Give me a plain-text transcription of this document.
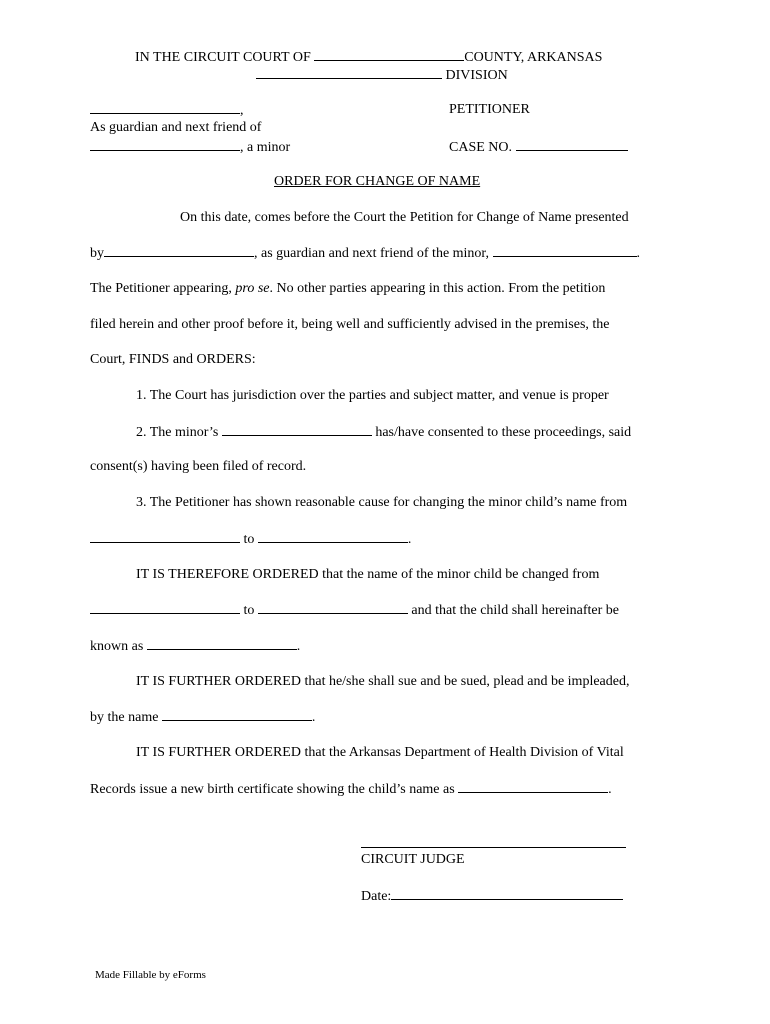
IN THE CIRCUIT COURT OF	COUNTY, ARKANSAS
DIVISION
,	PETITIONER
As guardian and next friend of
, a minor	CASE NO.
ORDER FOR CHANGE OF NAME
On this date, comes before the Court the Petition for Change of Name presented
by	, as guardian and next friend of the minor,	.
The Petitioner appearing, pro se. No other parties appearing in this action. From the petition
filed herein and other proof before it, being well and sufficiently advised in the premises, the
Court, FINDS and ORDERS:
1. The Court has jurisdiction over the parties and subject matter, and venue is proper
2. The minor’s	has/have consented to these proceedings, said
consent(s) having been filed of record.
3. The Petitioner has shown reasonable cause for changing the minor child’s name from
to	.
IT IS THEREFORE ORDERED that the name of the minor child be changed from
to	and that the child shall hereinafter be
known as	.
IT IS FURTHER ORDERED that he/she shall sue and be sued, plead and be impleaded,
by the name	.
IT IS FURTHER ORDERED that the Arkansas Department of Health Division of Vital
Records issue a new birth certificate showing the child’s name as	.
CIRCUIT JUDGE
Date:
Made Fillable by eForms
